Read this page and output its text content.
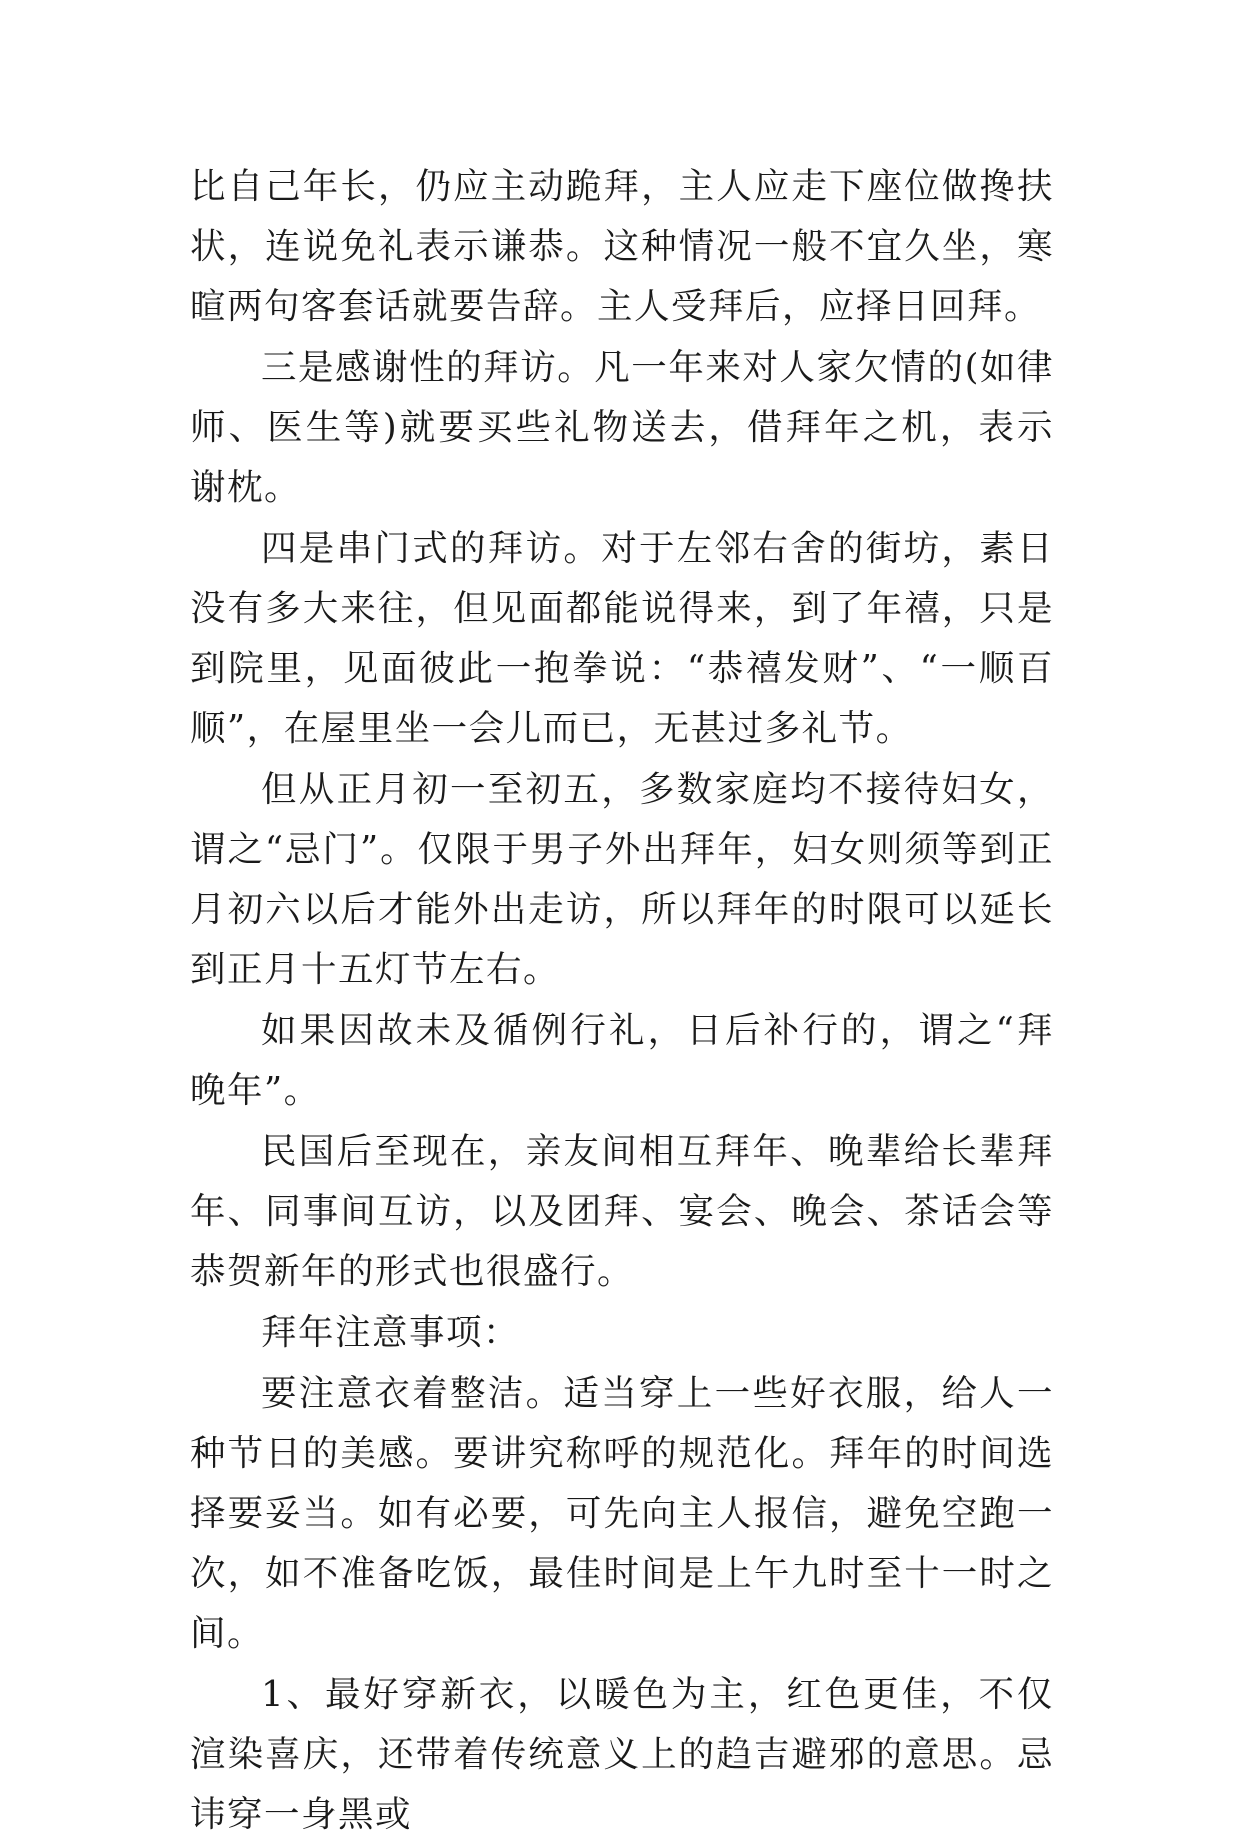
比自己年长，仍应主动跪拜，主人应走下座位做搀扶状，连说免礼表示谦恭。这种情况一般不宜久坐，寒暄两句客套话就要告辞。主人受拜后，应择日回拜。

三是感谢性的拜访。凡一年来对人家欠情的(如律师、医生等)就要买些礼物送去，借拜年之机，表示谢枕。

四是串门式的拜访。对于左邻右舍的街坊，素日没有多大来往，但见面都能说得来，到了年禧，只是到院里，见面彼此一抱拳说：“恭禧发财”、“一顺百顺”，在屋里坐一会儿而已，无甚过多礼节。

但从正月初一至初五，多数家庭均不接待妇女，谓之“忌门”。仅限于男子外出拜年，妇女则须等到正月初六以后才能外出走访，所以拜年的时限可以延长到正月十五灯节左右。

如果因故未及循例行礼，日后补行的，谓之“拜晚年”。

民国后至现在，亲友间相互拜年、晚辈给长辈拜年、同事间互访，以及团拜、宴会、晚会、茶话会等恭贺新年的形式也很盛行。

拜年注意事项：

要注意衣着整洁。适当穿上一些好衣服，给人一种节日的美感。要讲究称呼的规范化。拜年的时间选择要妥当。如有必要，可先向主人报信，避免空跑一次，如不准备吃饭，最佳时间是上午九时至十一时之间。

1、最好穿新衣，以暖色为主，红色更佳，不仅渲染喜庆，还带着传统意义上的趋吉避邪的意思。忌讳穿一身黑或
